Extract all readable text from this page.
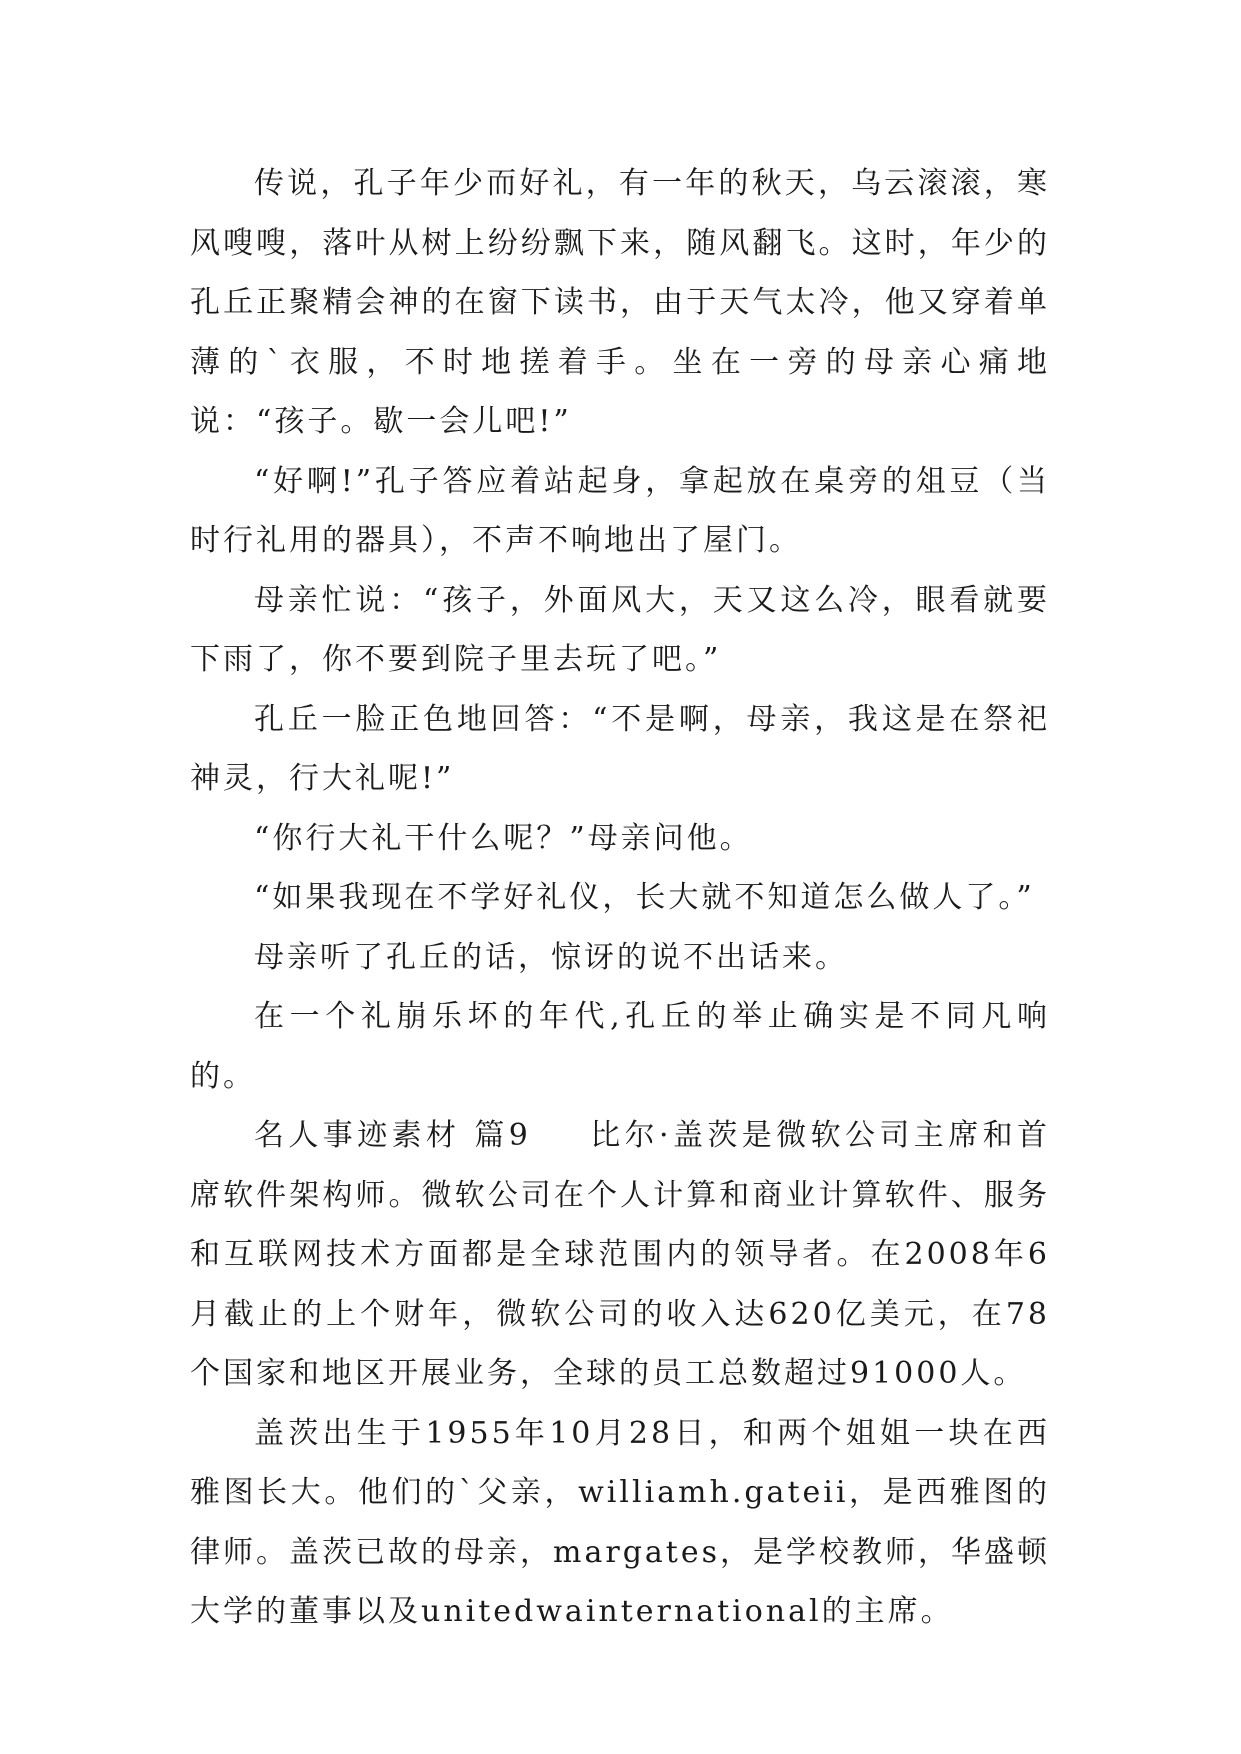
传说，孔子年少而好礼，有一年的秋天，乌云滚滚，寒风嗖嗖，落叶从树上纷纷飘下来，随风翻飞。这时，年少的孔丘正聚精会神的在窗下读书，由于天气太冷，他又穿着单薄的`衣服，不时地搓着手。坐在一旁的母亲心痛地说：“孩子。歇一会儿吧!”

“好啊!”孔子答应着站起身，拿起放在桌旁的俎豆（当时行礼用的器具），不声不响地出了屋门。

母亲忙说：“孩子，外面风大，天又这么冷，眼看就要下雨了，你不要到院子里去玩了吧。”

孔丘一脸正色地回答：“不是啊，母亲，我这是在祭祀神灵，行大礼呢!”

“你行大礼干什么呢？”母亲问他。

“如果我现在不学好礼仪，长大就不知道怎么做人了。”

母亲听了孔丘的话，惊讶的说不出话来。

在一个礼崩乐坏的年代,孔丘的举止确实是不同凡响的。

名人事迹素材 篇9 比尔·盖茨是微软公司主席和首席软件架构师。微软公司在个人计算和商业计算软件、服务和互联网技术方面都是全球范围内的领导者。在2008年6月截止的上个财年，微软公司的收入达620亿美元，在78个国家和地区开展业务，全球的员工总数超过91000人。

盖茨出生于1955年10月28日，和两个姐姐一块在西雅图长大。他们的`父亲，williamh.gateii，是西雅图的律师。盖茨已故的母亲，margates，是学校教师，华盛顿大学的董事以及unitedwainternational的主席。
